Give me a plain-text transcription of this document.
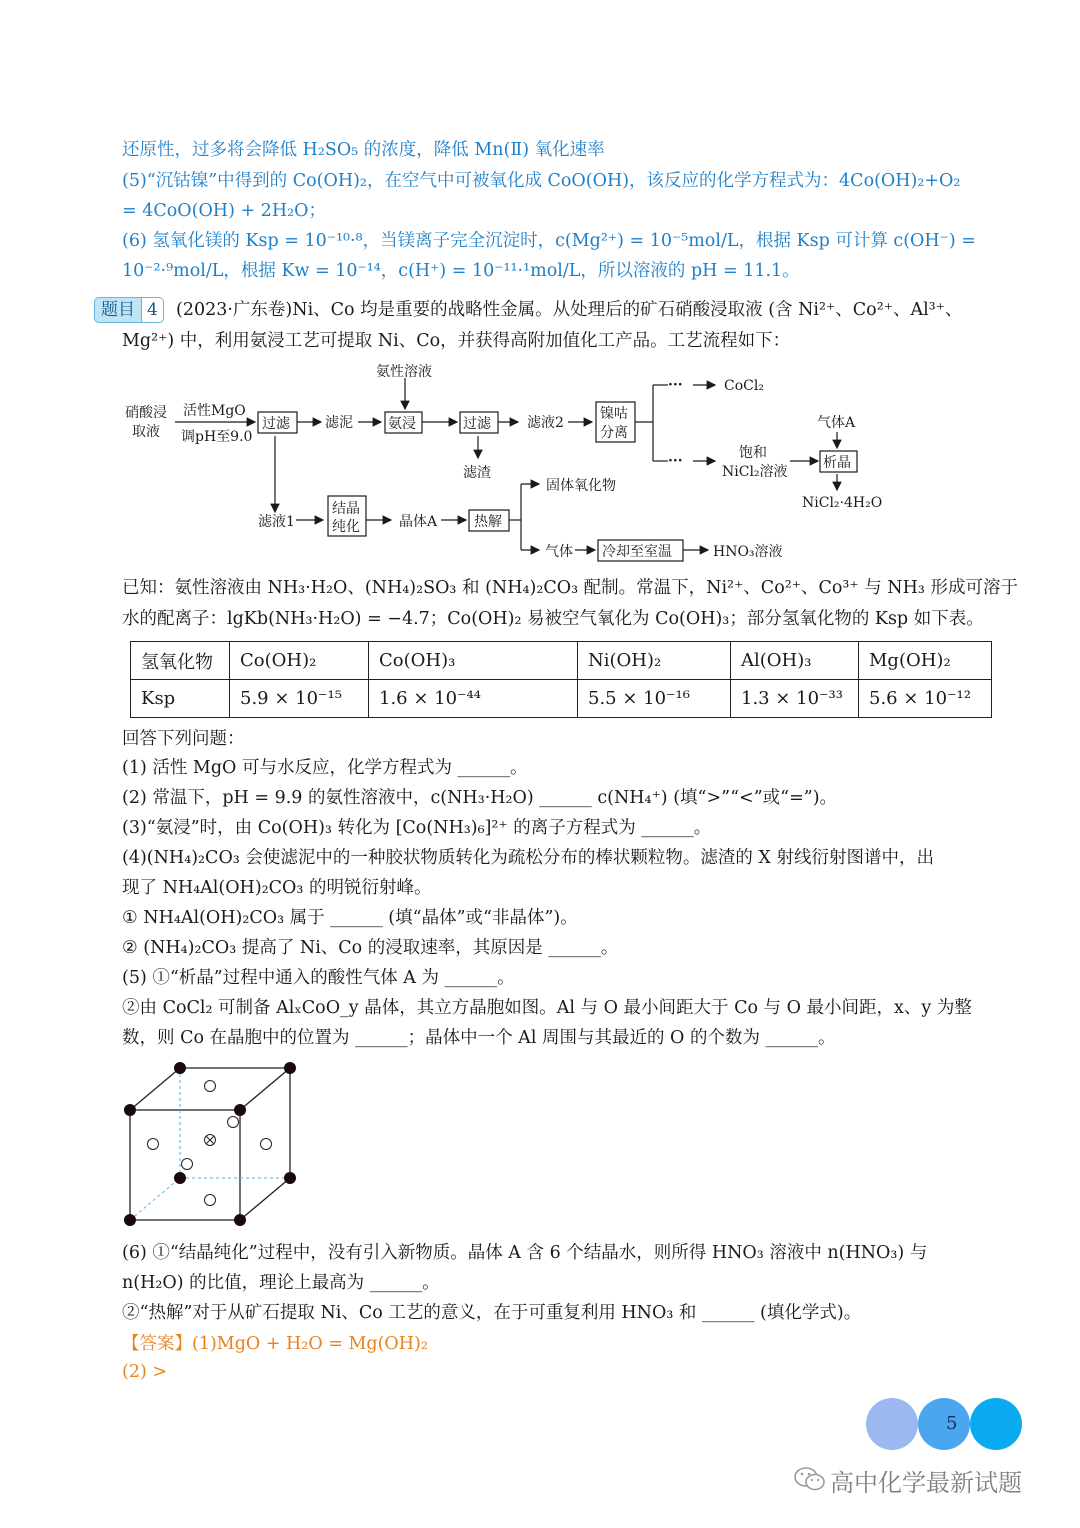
还原性，过多将会降低 H₂SO₅ 的浓度，降低 Mn(Ⅱ) 氧化速率
(5)“沉钴镍”中得到的 Co(OH)₂，在空气中可被氧化成 CoO(OH)，该反应的化学方程式为：4Co(OH)₂+O₂
= 4CoO(OH) + 2H₂O；
(6) 氢氧化镁的 Ksp = 10⁻¹⁰·⁸，当镁离子完全沉淀时，c(Mg²⁺) = 10⁻⁵mol/L，根据 Ksp 可计算 c(OH⁻) =
10⁻²·⁹mol/L，根据 Kw = 10⁻¹⁴，c(H⁺) = 10⁻¹¹·¹mol/L，所以溶液的 pH = 11.1。
题目 4	(2023·广东卷)Ni、Co 均是重要的战略性金属。从处理后的矿石硝酸浸取液 (含 Ni²⁺、Co²⁺、Al³⁺、
Mg²⁺) 中，利用氨浸工艺可提取 Ni、Co，并获得高附加值化工产品。工艺流程如下：
硝酸浸
取液
活性MgO
调pH至9.0
过滤	滤泥
氨性溶液
氨浸	过滤	滤液2
滤渣
镍咕
分离
···
···
CoCl₂
饱和
NiCl₂溶液
气体A
析晶
NiCl₂·4H₂O
滤液1
结晶
纯化	晶体A	热解
固体氧化物
气体 冷却至室温	HNO₃溶液
已知：氨性溶液由 NH₃·H₂O、(NH₄)₂SO₃ 和 (NH₄)₂CO₃ 配制。常温下，Ni²⁺、Co²⁺、Co³⁺ 与 NH₃ 形成可溶于
水的配离子：lgKb(NH₃·H₂O) = −4.7；Co(OH)₂ 易被空气氧化为 Co(OH)₃；部分氢氧化物的 Ksp 如下表。
氢氧化物	Co(OH)₂	Co(OH)₃	Ni(OH)₂	Al(OH)₃	Mg(OH)₂
Ksp	5.9 × 10⁻¹⁵	1.6 × 10⁻⁴⁴	5.5 × 10⁻¹⁶	1.3 × 10⁻³³	5.6 × 10⁻¹²
回答下列问题：
(1) 活性 MgO 可与水反应，化学方程式为 ______。
(2) 常温下，pH = 9.9 的氨性溶液中，c(NH₃·H₂O) ______ c(NH₄⁺) (填“>”“<”或“=”)。
(3)“氨浸”时，由 Co(OH)₃ 转化为 [Co(NH₃)₆]²⁺ 的离子方程式为 ______。
(4)(NH₄)₂CO₃ 会使滤泥中的一种胶状物质转化为疏松分布的棒状颗粒物。滤渣的 X 射线衍射图谱中，出
现了 NH₄Al(OH)₂CO₃ 的明锐衍射峰。
① NH₄Al(OH)₂CO₃ 属于 ______ (填“晶体”或“非晶体”)。
② (NH₄)₂CO₃ 提高了 Ni、Co 的浸取速率，其原因是 ______。
(5) ①“析晶”过程中通入的酸性气体 A 为 ______。
②由 CoCl₂ 可制备 AlₓCoO_y 晶体，其立方晶胞如图。Al 与 O 最小间距大于 Co 与 O 最小间距，x、y 为整
数，则 Co 在晶胞中的位置为 ______；晶体中一个 Al 周围与其最近的 O 的个数为 ______。
(6) ①“结晶纯化”过程中，没有引入新物质。晶体 A 含 6 个结晶水，则所得 HNO₃ 溶液中 n(HNO₃) 与
n(H₂O) 的比值，理论上最高为 ______。
②“热解”对于从矿石提取 Ni、Co 工艺的意义，在于可重复利用 HNO₃ 和 ______ (填化学式)。
【答案】(1)MgO + H₂O = Mg(OH)₂
(2) >
5
高中化学最新试题
